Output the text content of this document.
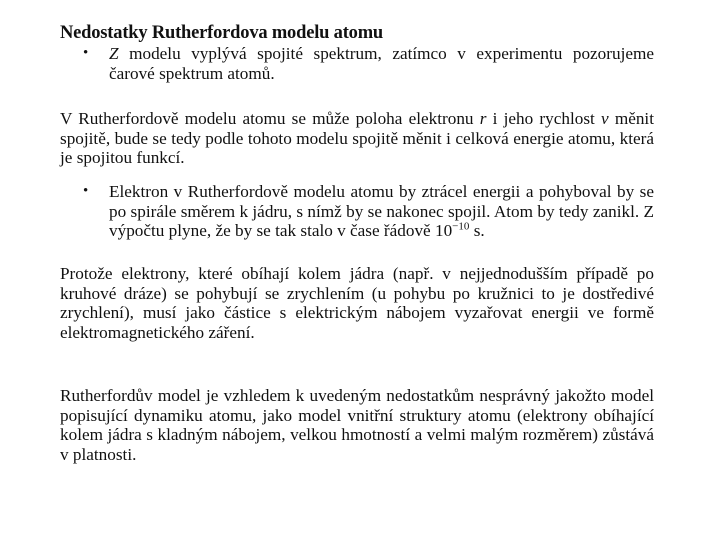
Nedostatky Rutherfordova modelu atomu
•	Z modelu vyplývá spojité spektrum, zatímco v experimentu pozorujeme čarové spektrum atomů.
V Rutherfordově modelu atomu se může poloha elektronu r i jeho rychlost v měnit spojitě, bude se tedy podle tohoto modelu spojitě měnit i celková energie atomu, která je spojitou funkcí.
•	Elektron v Rutherfordově modelu atomu by ztrácel energii a pohyboval by se po spirále směrem k jádru, s nímž by se nakonec spojil. Atom by tedy zanikl. Z výpočtu plyne, že by se tak stalo v čase řádově $10^{-10}$ s.
Protože elektrony, které obíhají kolem jádra (např. v nejjednodušším případě po kruhové dráze) se pohybují se zrychlením (u pohybu po kružnici to je dostředivé zrychlení), musí jako částice s elektrickým nábojem vyzařovat energii ve formě elektromagnetického záření.
Rutherfordův model je vzhledem k uvedeným nedostatkům nesprávný jakožto model popisující dynamiku atomu, jako model vnitřní struktury atomu (elektrony obíhající kolem jádra s kladným nábojem, velkou hmotností a velmi malým rozměrem) zůstává v platnosti.
